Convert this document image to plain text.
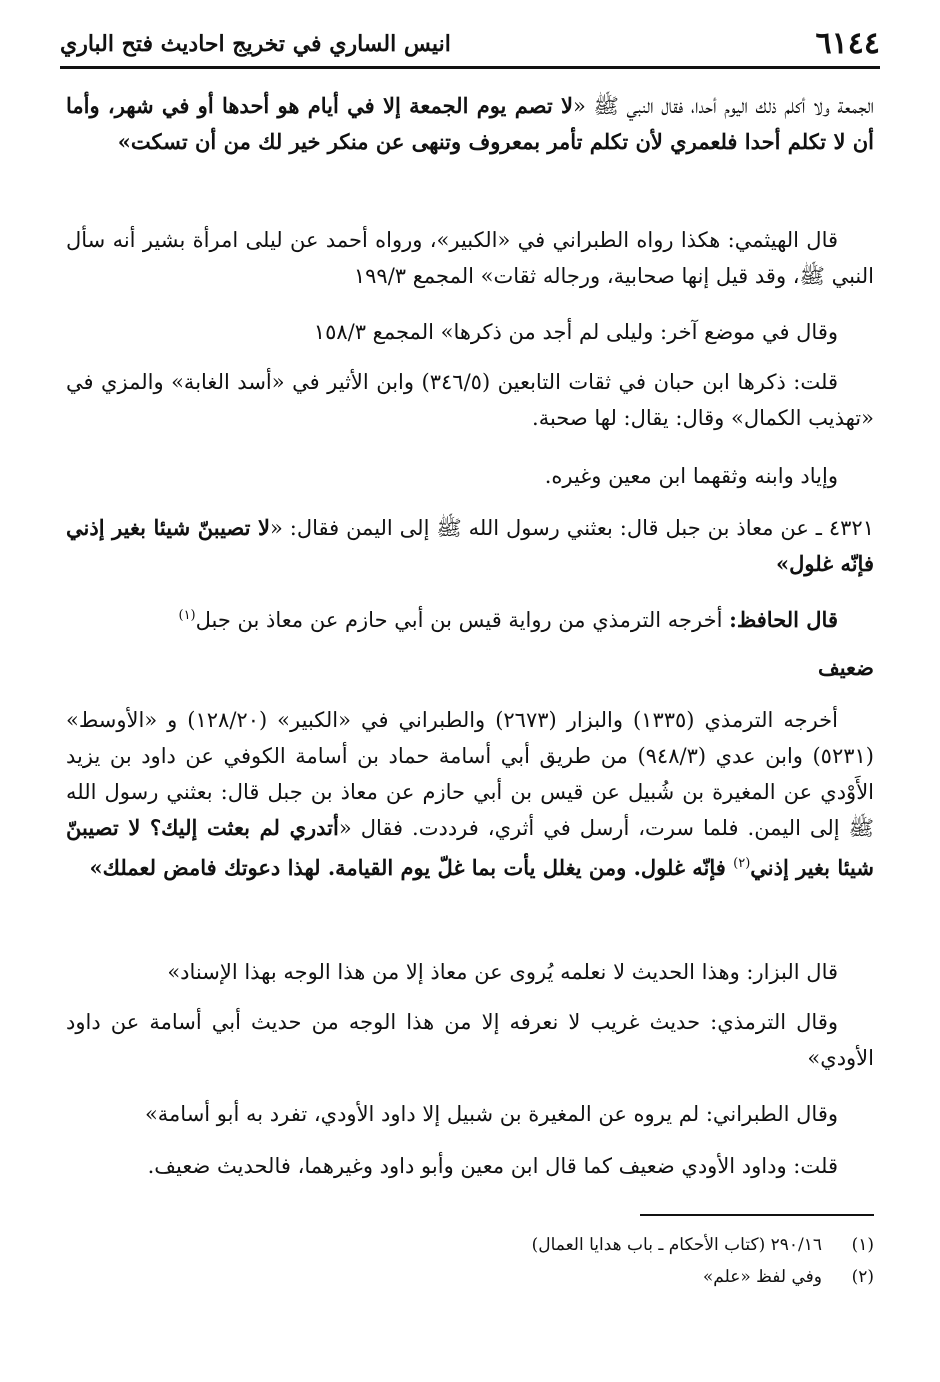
٦١٤٤
انيس الساري في تخريج احاديث فتح الباري
الجمعة ولا أكلم ذلك اليوم أحدا، فقال النبي ﷺ «لا تصم يوم الجمعة إلا في أيام هو أحدها أو في شهر، وأما أن لا تكلم أحدا فلعمري لأن تكلم تأمر بمعروف وتنهى عن منكر خير لك من أن تسكت»
قال الهيثمي: هكذا رواه الطبراني في «الكبير»، ورواه أحمد عن ليلى امرأة بشير أنه سأل النبي ﷺ، وقد قيل إنها صحابية، ورجاله ثقات» المجمع ١٩٩/٣
وقال في موضع آخر: وليلى لم أجد من ذكرها» المجمع ١٥٨/٣
قلت: ذكرها ابن حبان في ثقات التابعين (٣٤٦/٥) وابن الأثير في «أسد الغابة» والمزي في «تهذيب الكمال» وقال: يقال: لها صحبة.
وإياد وابنه وثقهما ابن معين وغيره.
٤٣٢١ ـ عن معاذ بن جبل قال: بعثني رسول الله ﷺ إلى اليمن فقال: «لا تصيبنّ شيئا بغير إذني فإنّه غلول»
قال الحافظ: أخرجه الترمذي من رواية قيس بن أبي حازم عن معاذ بن جبل$^{(١)}$
ضعيف
أخرجه الترمذي (١٣٣٥) والبزار (٢٦٧٣) والطبراني في «الكبير» (١٢٨/٢٠) و «الأوسط» (٥٢٣١) وابن عدي (٩٤٨/٣) من طريق أبي أسامة حماد بن أسامة الكوفي عن داود بن يزيد الأَوْدي عن المغيرة بن شُبيل عن قيس بن أبي حازم عن معاذ بن جبل قال: بعثني رسول الله ﷺ إلى اليمن. فلما سرت، أرسل في أثري، فرددت. فقال «أتدري لم بعثت إليك؟ لا تصيبنّ شيئا بغير إذني$^{(٢)}$ فإنّه غلول. ومن يغلل يأت بما غلّ يوم القيامة. لهذا دعوتك فامض لعملك»
قال البزار: وهذا الحديث لا نعلمه يُروى عن معاذ إلا من هذا الوجه بهذا الإسناد»
وقال الترمذي: حديث غريب لا نعرفه إلا من هذا الوجه من حديث أبي أسامة عن داود الأودي»
وقال الطبراني: لم يروه عن المغيرة بن شبيل إلا داود الأودي، تفرد به أبو أسامة»
قلت: وداود الأودي ضعيف كما قال ابن معين وأبو داود وغيرهما، فالحديث ضعيف.
(١)٢٩٠/١٦ (كتاب الأحكام ـ باب هدايا العمال)
(٢)وفي لفظ «علم»
